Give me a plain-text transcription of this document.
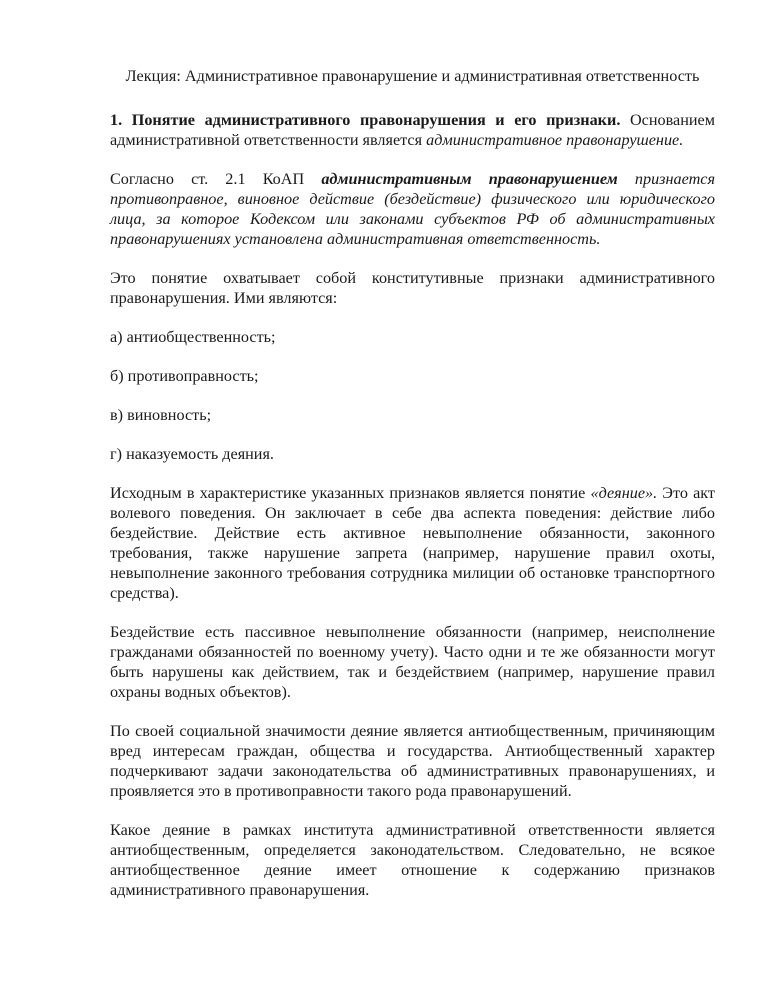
Лекция: Административное правонарушение и административная ответственность

1. Понятие административного правонарушения и его признаки. Основанием административной ответственности является административное правонарушение.

Согласно ст. 2.1 КоАП административным правонарушением признается противоправное, виновное действие (бездействие) физического или юридического лица, за которое Кодексом или законами субъектов РФ об административных правонарушениях установлена административная ответственность.

Это понятие охватывает собой конститутивные признаки административного правонарушения. Ими являются:

а) антиобщественность;

б) противоправность;

в) виновность;

г) наказуемость деяния.

Исходным в характеристике указанных признаков является понятие «деяние». Это акт волевого поведения. Он заключает в себе два аспекта поведения: действие либо бездействие. Действие есть активное невыполнение обязанности, законного требования, также нарушение запрета (например, нарушение правил охоты, невыполнение законного требования сотрудника милиции об остановке транспортного средства).

Бездействие есть пассивное невыполнение обязанности (например, неисполнение гражданами обязанностей по военному учету). Часто одни и те же обязанности могут быть нарушены как действием, так и бездействием (например, нарушение правил охраны водных объектов).

По своей социальной значимости деяние является антиобщественным, причиняющим вред интересам граждан, общества и государства. Антиобщественный характер подчеркивают задачи законодательства об административных правонарушениях, и проявляется это в противоправности такого рода правонарушений.

Какое деяние в рамках института административной ответственности является антиобщественным, определяется законодательством. Следовательно, не всякое антиобщественное деяние имеет отношение к содержанию признаков административного правонарушения.
